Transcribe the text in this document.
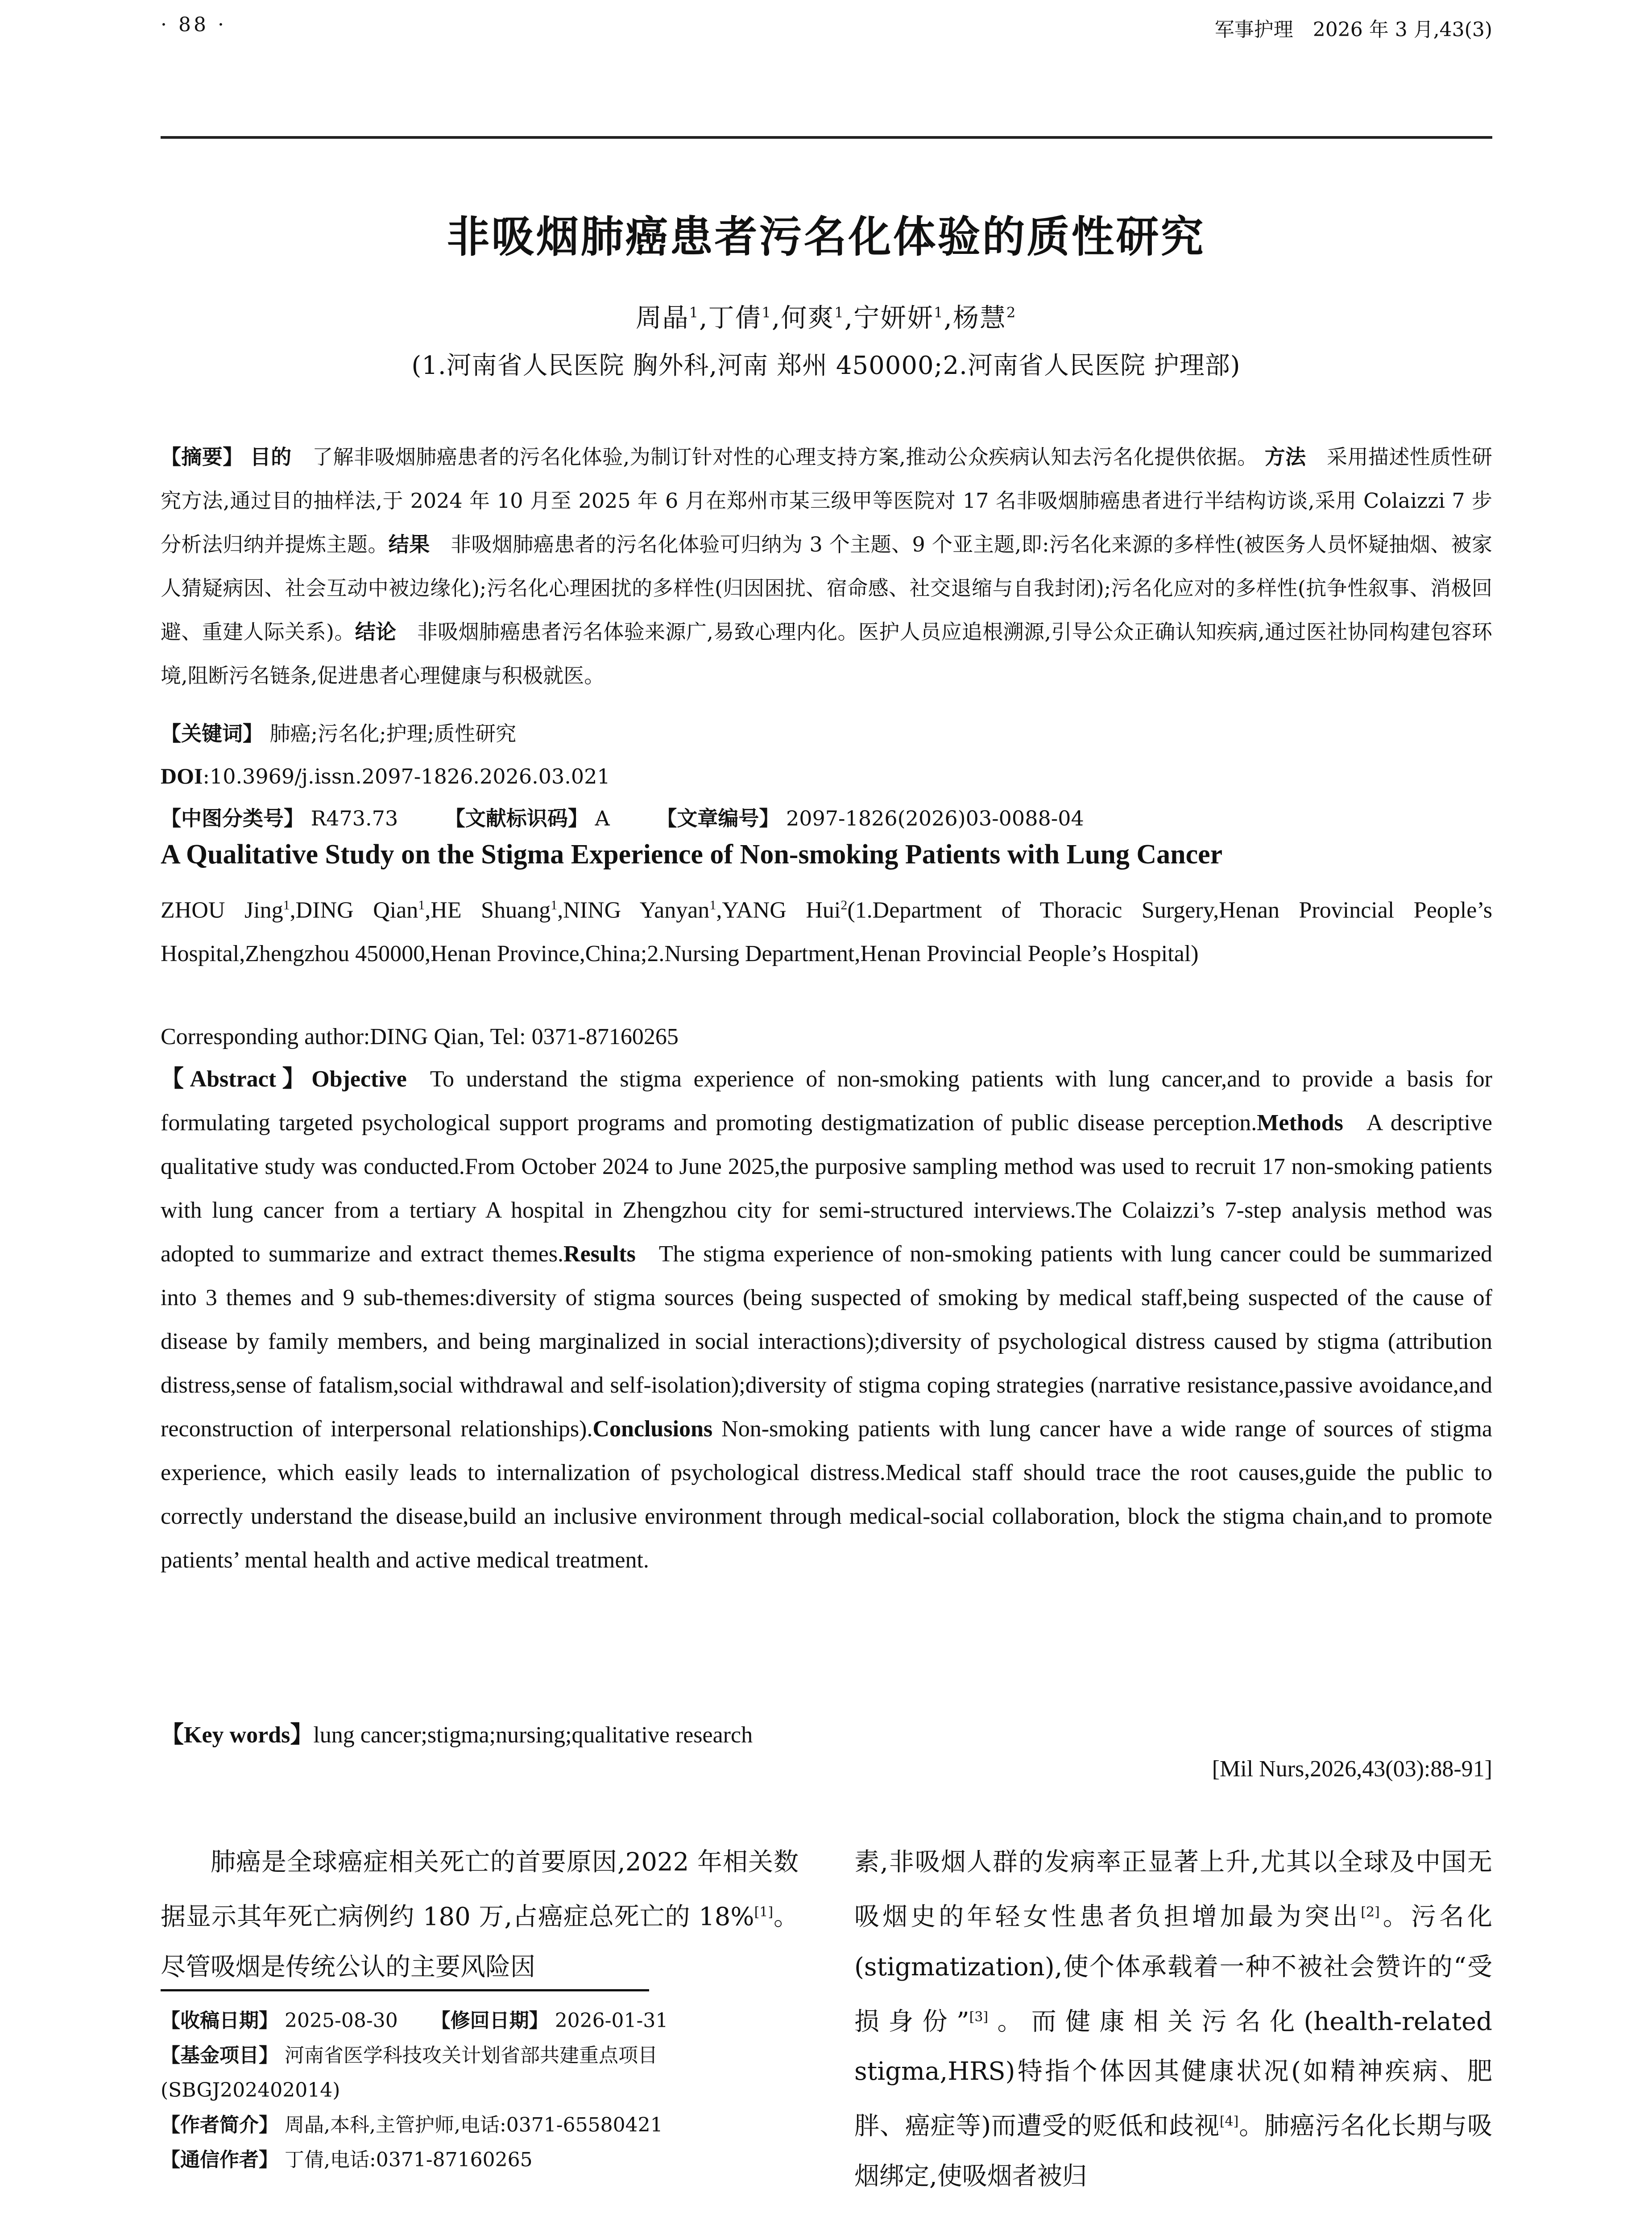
· 88 ·	军事护理　2026 年 3 月,43(3)
非吸烟肺癌患者污名化体验的质性研究
周晶$^1$,丁倩$^1$,何爽$^1$,宁妍妍$^1$,杨慧$^2$
(1.河南省人民医院 胸外科,河南 郑州 450000;2.河南省人民医院 护理部)
【摘要】 目的  了解非吸烟肺癌患者的污名化体验,为制订针对性的心理支持方案,推动公众疾病认知去污名化提供依据。 方法  采用描述性质性研究方法,通过目的抽样法,于 2024 年 10 月至 2025 年 6 月在郑州市某三级甲等医院对 17 名非吸烟肺癌患者进行半结构访谈,采用 Colaizzi 7 步分析法归纳并提炼主题。结果  非吸烟肺癌患者的污名化体验可归纳为 3 个主题、9 个亚主题,即:污名化来源的多样性(被医务人员怀疑抽烟、被家人猜疑病因、社会互动中被边缘化);污名化心理困扰的多样性(归因困扰、宿命感、社交退缩与自我封闭);污名化应对的多样性(抗争性叙事、消极回避、重建人际关系)。结论  非吸烟肺癌患者污名体验来源广,易致心理内化。医护人员应追根溯源,引导公众正确认知疾病,通过医社协同构建包容环境,阻断污名链条,促进患者心理健康与积极就医。
【关键词】 肺癌;污名化;护理;质性研究
DOI:10.3969/j.issn.2097-1826.2026.03.021
【中图分类号】 R473.73 【文献标识码】 A 【文章编号】 2097-1826(2026)03-0088-04
A Qualitative Study on the Stigma Experience of Non-smoking Patients with Lung Cancer
ZHOU Jing$^1$,DING Qian$^1$,HE Shuang$^1$,NING Yanyan$^1$,YANG Hui$^2$(1.Department of Thoracic Surgery,Henan Provincial People’s Hospital,Zhengzhou 450000,Henan Province,China;2.Nursing Department,Henan Provincial People’s Hospital)
Corresponding author:DING Qian, Tel: 0371-87160265
【Abstract】Objective   To understand the stigma experience of non-smoking patients with lung cancer,and to provide a basis for formulating targeted psychological support programs and promoting destigmatization of public disease perception.Methods   A descriptive qualitative study was conducted.From October 2024 to June 2025,the purposive sampling method was used to recruit 17 non-smoking patients with lung cancer from a tertiary A hospital in Zhengzhou city for semi-structured interviews.The Colaizzi’s 7-step analysis method was adopted to summarize and extract themes.Results   The stigma experience of non-smoking patients with lung cancer could be summarized into 3 themes and 9 sub-themes:diversity of stigma sources (being suspected of smoking by medical staff,being suspected of the cause of disease by family members, and being marginalized in social interactions);diversity of psychological distress caused by stigma (attribution distress,sense of fatalism,social withdrawal and self-isolation);diversity of stigma coping strategies (narrative resistance,passive avoidance,and reconstruction of interpersonal relationships).Conclusions Non-smoking patients with lung cancer have a wide range of sources of stigma experience, which easily leads to internalization of psychological distress.Medical staff should trace the root causes,guide the public to correctly understand the disease,build an inclusive environment through medical-social collaboration, block the stigma chain,and to promote patients’ mental health and active medical treatment.
【Key words】lung cancer;stigma;nursing;qualitative research
[Mil Nurs,2026,43(03):88-91]

肺癌是全球癌症相关死亡的首要原因,2022 年相关数据显示其年死亡病例约 180 万,占癌症总死亡的 18%[1]。尽管吸烟是传统公认的主要风险因

【收稿日期】 2025-08-30 【修回日期】 2026-01-31
【基金项目】 河南省医学科技攻关计划省部共建重点项目(SBGJ202402014)
【作者简介】 周晶,本科,主管护师,电话:0371-65580421
【通信作者】 丁倩,电话:0371-87160265

素,非吸烟人群的发病率正显著上升,尤其以全球及中国无吸烟史的年轻女性患者负担增加最为突出[2]。污名化(stigmatization),使个体承载着一种不被社会赞许的“受损身份”[3]。而健康相关污名化(health-related stigma,HRS)特指个体因其健康状况(如精神疾病、肥胖、癌症等)而遭受的贬低和歧视[4]。肺癌污名化长期与吸烟绑定,使吸烟者被归
